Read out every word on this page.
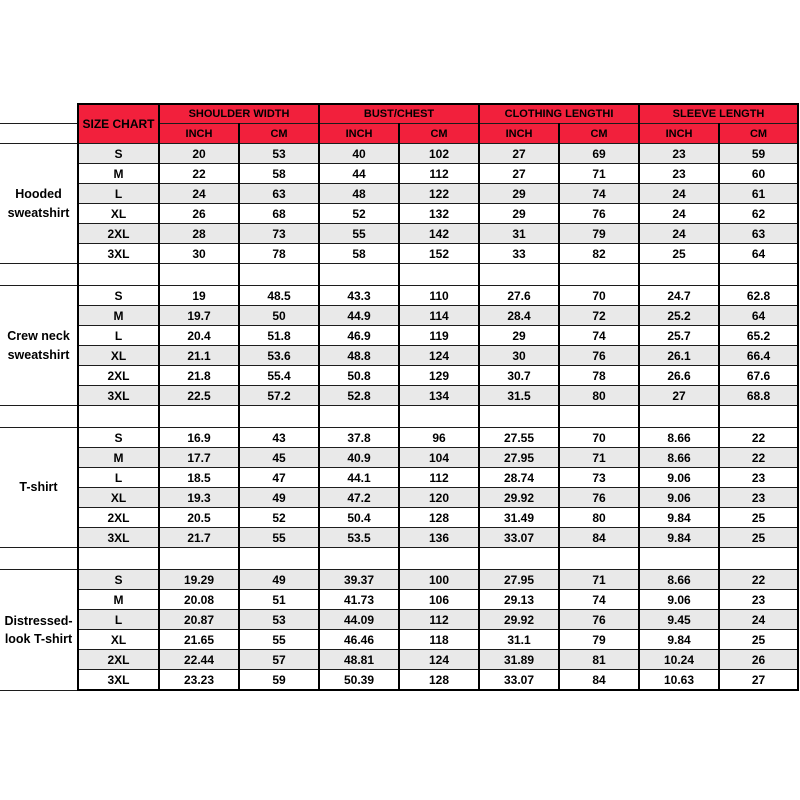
	SIZE CHART	SHOULDER WIDTH		BUST/CHEST		CLOTHING LENGTHI		SLEEVE LENGTH	
		INCH	CM	INCH	CM	INCH	CM	INCH	CM

Hooded
sweatshirt	S	20	53	40	102	27	69	23	59
	M	22	58	44	112	27	71	23	60
	L	24	63	48	122	29	74	24	61
	XL	26	68	52	132	29	76	24	62
	2XL	28	73	55	142	31	79	24	63
	3XL	30	78	58	152	33	82	25	64

Crew neck
sweatshirt	S	19	48.5	43.3	110	27.6	70	24.7	62.8
	M	19.7	50	44.9	114	28.4	72	25.2	64
	L	20.4	51.8	46.9	119	29	74	25.7	65.2
	XL	21.1	53.6	48.8	124	30	76	26.1	66.4
	2XL	21.8	55.4	50.8	129	30.7	78	26.6	67.6
	3XL	22.5	57.2	52.8	134	31.5	80	27	68.8

T-shirt	S	16.9	43	37.8	96	27.55	70	8.66	22
	M	17.7	45	40.9	104	27.95	71	8.66	22
	L	18.5	47	44.1	112	28.74	73	9.06	23
	XL	19.3	49	47.2	120	29.92	76	9.06	23
	2XL	20.5	52	50.4	128	31.49	80	9.84	25
	3XL	21.7	55	53.5	136	33.07	84	9.84	25

Distressed-
look T-shirt	S	19.29	49	39.37	100	27.95	71	8.66	22
	M	20.08	51	41.73	106	29.13	74	9.06	23
	L	20.87	53	44.09	112	29.92	76	9.45	24
	XL	21.65	55	46.46	118	31.1	79	9.84	25
	2XL	22.44	57	48.81	124	31.89	81	10.24	26
	3XL	23.23	59	50.39	128	33.07	84	10.63	27
